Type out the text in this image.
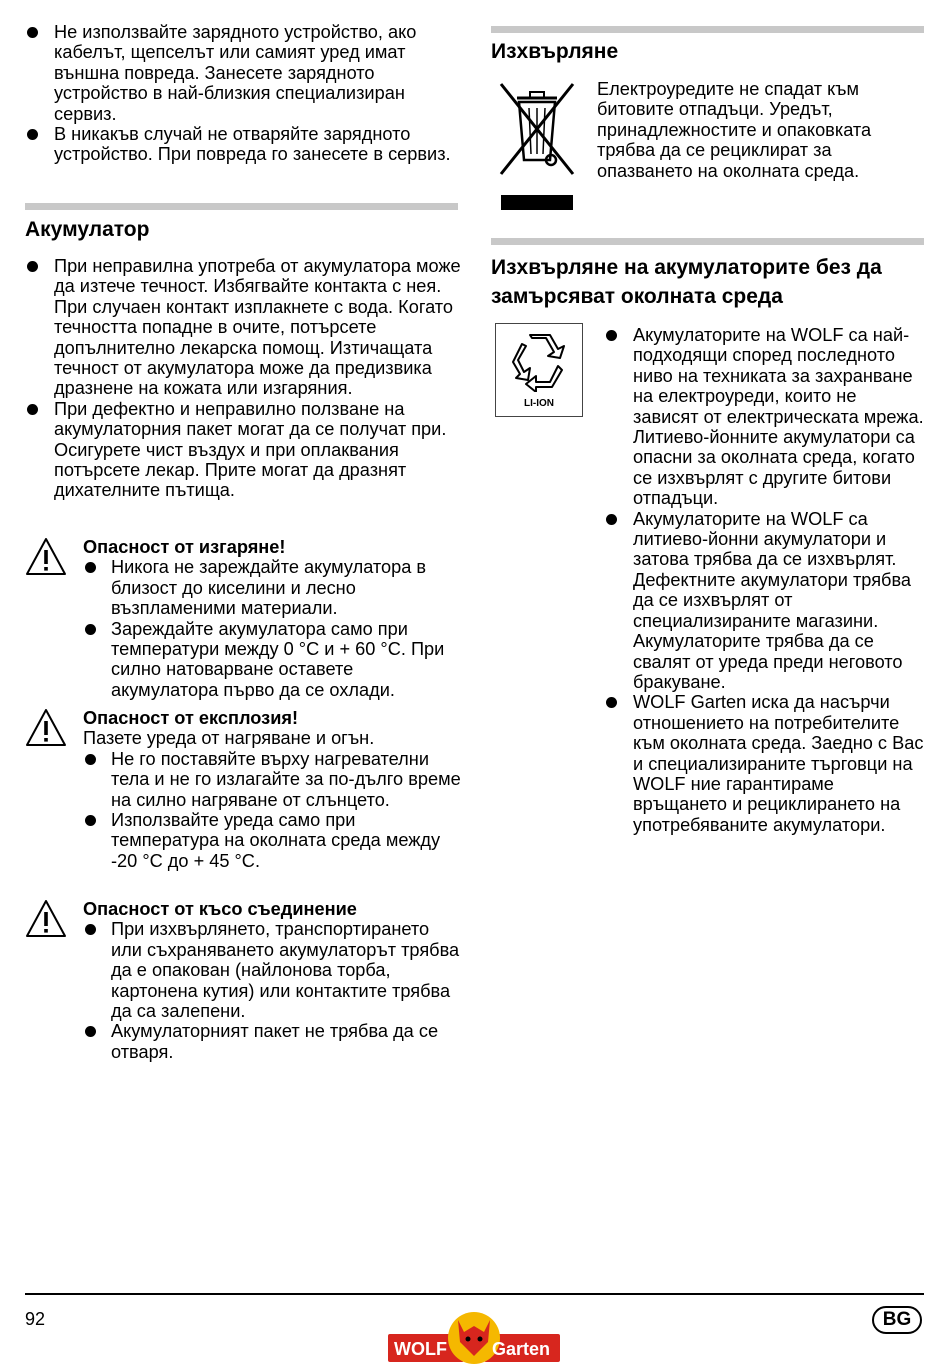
Не използвайте зарядното устройство, ако кабелът, щепселът или самият уред имат външна повреда. Занесете зарядното устройство в най-близкия специализиран сервиз.
В никакъв случай не отваряйте зарядното устройство. При повреда го занесете в сервиз.
Акумулатор
При неправилна употреба от акумулатора може да изтече течност. Избягвайте контакта с нея. При случаен контакт изплакнете с вода. Когато течността попадне в очите, потърсете допълнително лекарска помощ. Изтичащата течност от акумулатора може да предизвика дразнене на кожата или изгаряния.
При дефектно и неправилно ползване на акумулаторния пакет могат да се получат при. Осигурете чист въздух и при оплаквания потърсете лекар. Прите могат да дразнят дихателните пътища.
Опасност от изгаряне!
Никога не зареждайте акумулатора в близост до киселини и лесно възпламеними материали.
Зареждайте акумулатора само при температури между 0 °C и + 60 °C. При силно натоварване оставете акумулатора първо да се охлади.
Опасност от експлозия!
Пазете уреда от нагряване и огън.
Не го поставяйте върху нагревателни тела и не го излагайте за по-дълго време на силно нагряване от слънцето.
Използвайте уреда само при температура на околната среда между -20 °C до + 45 °C.
Опасност от късо съединение
При изхвърлянето, транспортирането или съхраняването акумулаторът трябва да е опакован (найлонова торба, картонена кутия) или контактите трябва да са залепени.
Акумулаторният пакет не трябва да се отваря.
Изхвърляне
Електроуредите не спадат към битовите отпадъци. Уредът, принадлежностите и опаковката трябва да се рециклират за опазването на околната среда.
Изхвърляне на акумулаторите без да замърсяват околната среда
LI-ION
Акумулаторите на WOLF са най-подходящи според последното ниво на техниката за захранване на електроуреди, които не зависят от електрическата мрежа. Литиево-йонните акумулатори са опасни за околната среда, когато се изхвърлят с другите битови отпадъци.
Акумулаторите на WOLF са литиево-йонни акумулатори и затова трябва да се изхвърлят. Дефектните акумулатори трябва да се изхвърлят от специализираните магазини. Акумулаторите трябва да се свалят от уреда преди неговото бракуване.
WOLF Garten иска да насърчи отношението на потребителите към околната среда. Заедно с Вас и специализираните търговци на WOLF ние гарантираме връщането и рециклирането на употребяваните акумулатори.
92
WOLF	Garten
BG
